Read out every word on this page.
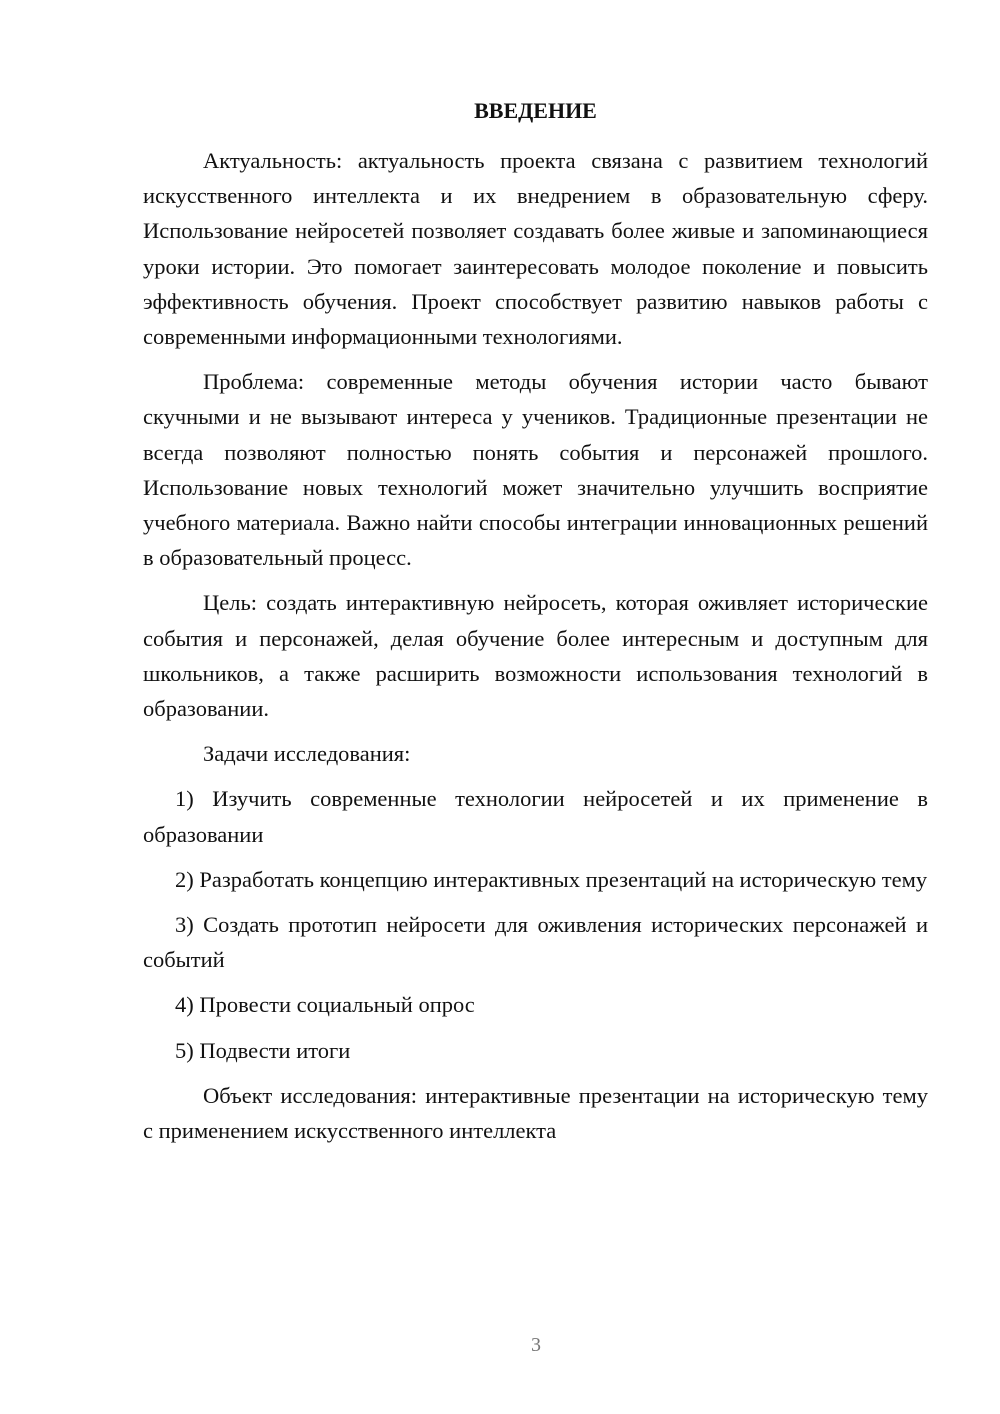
ВВЕДЕНИЕ

Актуальность: актуальность проекта связана с развитием технологий искусственного интеллекта и их внедрением в образовательную сферу. Использование нейросетей позволяет создавать более живые и запоминающиеся уроки истории. Это помогает заинтересовать молодое поколение и повысить эффективность обучения. Проект способствует развитию навыков работы с современными информационными технологиями.

Проблема: современные методы обучения истории часто бывают скучными и не вызывают интереса у учеников. Традиционные презентации не всегда позволяют полностью понять события и персонажей прошлого. Использование новых технологий может значительно улучшить восприятие учебного материала. Важно найти способы интеграции инновационных решений в образовательный процесс.

Цель: создать интерактивную нейросеть, которая оживляет исторические события и персонажей, делая обучение более интересным и доступным для школьников, а также расширить возможности использования технологий в образовании.

Задачи исследования:

1) Изучить современные технологии нейросетей и их применение в образовании

2) Разработать концепцию интерактивных презентаций на историческую тему

3) Создать прототип нейросети для оживления исторических персонажей и событий

4) Провести социальный опрос

5) Подвести итоги

Объект исследования: интерактивные презентации на историческую тему с применением искусственного интеллекта

3
